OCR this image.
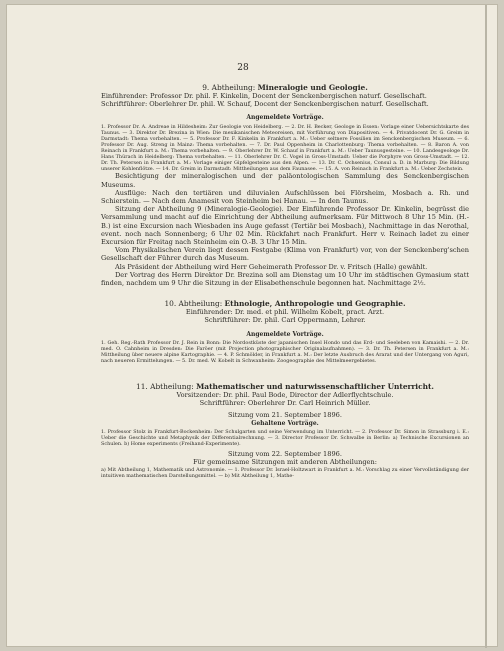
28
9. Abtheilung: Mineralogie und Geologie.
Einführender: Professor Dr. phil. F. Kinkelin, Docent der Senckenbergischen naturf. Gesellschaft.
Schriftführer: Oberlehrer Dr. phil. W. Schauf, Docent der Senckenbergischen naturf. Gesellschaft.
Angemeldete Vorträge.
1. Professor Dr. A. Andreae in Hildesheim: Zur Geologie von Heidelberg. — 2. Dr. H. Becker, Geologe in Essen: Vorlage einer Uebersichtskarte des Taunus. — 3. Direktor Dr. Brezina in Wien: Die mexikanischen Meteoreisen, mit Vorführung von Diapositiven. — 4. Privatdocent Dr. G. Greim in Darmstadt: Thema vorbehalten. — 5. Professor Dr. F. Kinkelin in Frankfurt a. M.: Ueber seltnere Fossilien im Senckenbergischen Museum. — 6. Professor Dr. Aug. Streng in Mainz: Thema vorbehalten. — 7. Dr. Paul Oppenheim in Charlottenburg: Thema vorbehalten. — 8. Baron A. von Reinach in Frankfurt a. M.: Thema vorbehalten. — 9. Oberlehrer Dr. W. Schauf in Frankfurt a. M.: Ueber Taunusgesteine. — 10. Landesgeologe Dr. Hans Thürach in Heidelberg: Thema vorbehalten. — 11. Oberlehrer Dr. C. Vogel in Gross-Umstadt: Ueber die Porphyre von Gross-Umstadt. — 12. Dr. Th. Petersen in Frankfurt a. M.: Vorlage einiger Gipfelgesteine aus den Alpen. — 13. Dr. C. Ochsenius, Consul a. D. in Marburg: Die Bildung unserer Kohlenflötze. — 14. Dr. Greim in Darmstadt: Mittheilungen aus dem Faunasee. — 15. A. von Reinach in Frankfurt a. M.: Ueber Zechstein.
Besichtigung der mineralogischen und der paläontologischen Sammlung des Senckenbergischen Museums.
Ausflüge: Nach den tertiären und diluvialen Aufschlüssen bei Flörsheim, Mosbach a. Rh. und Schierstein. — Nach dem Anamesit von Steinheim bei Hanau. — In den Taunus.
Sitzung der Abtheilung 9 (Mineralogie-Geologie). Der Einführende Professor Dr. Kinkelin, begrüsst die Versammlung und macht auf die Einrichtung der Abtheilung aufmerksam. Für Mittwoch 8 Uhr 15 Min. (H.-B.) ist eine Excursion nach Wiesbaden ins Auge gefasst (Tertiär bei Mosbach), Nachmittage in das Nerothal, event. noch nach Sonnenberg; 6 Uhr 02 Min. Rückfahrt nach Frankfurt. Herr v. Reinach ladet zu einer Excursion für Freitag nach Steinheim ein O.-B. 3 Uhr 15 Min.
Vom Physikalischen Verein liegt dessen Festgabe (Klima von Frankfurt) vor, von der Senckenberg'schen Gesellschaft der Führer durch das Museum.
Als Präsident der Abtheilung wird Herr Geheimerath Professor Dr. v. Fritsch (Halle) gewählt.
Der Vortrag des Herrn Direktor Dr. Brezina soll am Dienstag um 10 Uhr im städtischen Gymasium statt finden, nachdem um 9 Uhr die Sitzung in der Elisabethenschule begonnen hat. Nachmittage 2½.
10. Abtheilung: Ethnologie, Anthropologie und Geographie.
Einführender: Dr. med. et phil. Wilhelm Kobelt, pract. Arzt.
Schriftführer: Dr. phil. Carl Oppermann, Lehrer.
Angemeldete Vorträge.
1. Geh. Reg.-Rath Professor Dr. J. Rein in Bonn: Die Nordostküste der japanischen Insel Hondo und das Erd- und Seeleben von Kamaishi. — 2. Dr. med. O. Cahnheim in Dresden: Die Faröer (mit Projection photographischer Originalaufnahmen). — 3. Dr. Th. Petersen in Frankfurt a. M.: Mittheilung über neuere alpine Kartographie. — 4. P. Schmölder, in Frankfurt a. M.: Der letzte Ausbruch des Ararat und der Untergang von Aguri, nach neueren Ermittelungen. — 5. Dr. med. W. Kobelt in Schwanheim: Zoogeographie des Mittelmeergebietes.
11. Abtheilung: Mathematischer und naturwissenschaftlicher Unterricht.
Vorsitzender: Dr. phil. Paul Bode, Director der Adlerflychtschule.
Schriftführer: Oberlehrer Dr. Carl Heinrich Müller.
Sitzung vom 21. September 1896.
Gehaltene Vorträge.
1. Professor Stolz in Frankfurt-Bockenheim: Der Schulgarten und seine Verwendung im Unterricht. — 2. Professor Dr. Simon in Strassburg i. E.: Ueber die Geschichte und Metaphysik der Differentialrechnung. — 3. Director Professor Dr. Schwalbe in Berlin: a) Technische Excursionen an Schulen. b) Home experiments (Freihand-Experimente).
Sitzung vom 22. September 1896.
Für gemeinsame Sitzungen mit anderen Abtheilungen:
a) Mit Abtheilung 1, Mathematik und Astronomie. — 1. Professor Dr. Israel-Holtzwart in Frankfurt a. M.: Vorschlag zu einer Vervollständigung der intuitiven mathematischen Darstellungsmittel. — b) Mit Abtheilung 1, Mathe-
